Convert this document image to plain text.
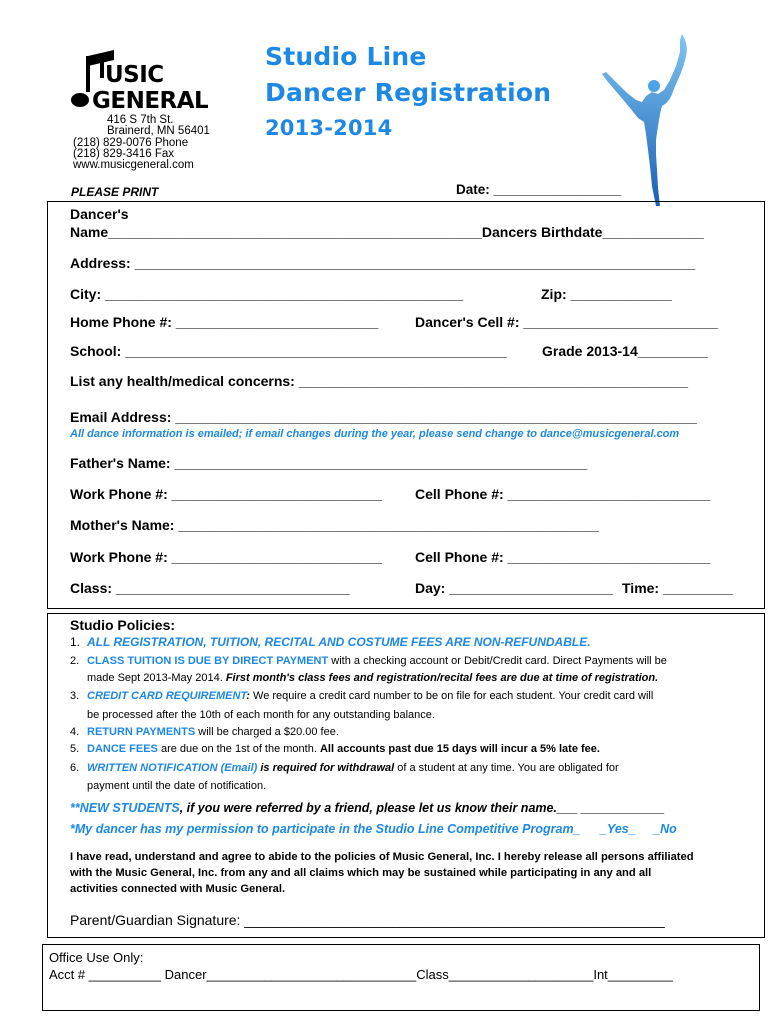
USIC
GENERAL
416 S 7th St.
Brainerd, MN 56401
(218) 829-0076 Phone
(218) 829-3416 Fax
www.musicgeneral.com
Studio Line
Dancer Registration
2013-2014
PLEASE PRINT	Date: _________________
Dancer's
Name________________________________________________Dancers Birthdate_____________
Address: ________________________________________________________________________
City: ______________________________________________	Zip: _____________
Home Phone #: __________________________	Dancer's Cell #: _________________________
School: _________________________________________________	Grade 2013-14_________
List any health/medical concerns: __________________________________________________
Email Address: ___________________________________________________________________
All dance information is emailed; if email changes during the year, please send change to dance@musicgeneral.com
Father's Name: _____________________________________________________
Work Phone #: ___________________________ Cell Phone #: __________________________
Mother's Name: ______________________________________________________
Work Phone #: ___________________________ Cell Phone #: __________________________
Class: ______________________________	Day: _____________________ Time: _________
Studio Policies:
1. ALL REGISTRATION, TUITION, RECITAL AND COSTUME FEES ARE NON-REFUNDABLE.
2. CLASS TUITION IS DUE BY DIRECT PAYMENT with a checking account or Debit/Credit card. Direct Payments will be
made Sept 2013-May 2014. First month's class fees and registration/recital fees are due at time of registration.
3. CREDIT CARD REQUIREMENT: We require a credit card number to be on file for each student. Your credit card will
be processed after the 10th of each month for any outstanding balance.
4. RETURN PAYMENTS will be charged a $20.00 fee.
5. DANCE FEES are due on the 1st of the month. All accounts past due 15 days will incur a 5% late fee.
6. WRITTEN NOTIFICATION (Email) is required for withdrawal of a student at any time. You are obligated for
payment until the date of notification.
**NEW STUDENTS, if you were referred by a friend, please let us know their name.___ ____________
*My dancer has my permission to participate in the Studio Line Competitive Program_ _Yes_ _No
I have read, understand and agree to abide to the policies of Music General, Inc. I hereby release all persons affiliated
with the Music General, Inc. from any and all claims which may be sustained while participating in any and all
activities connected with Music General.
Parent/Guardian Signature: ______________________________________________________
Office Use Only:
Acct # __________ Dancer_____________________________Class____________________Int_________
